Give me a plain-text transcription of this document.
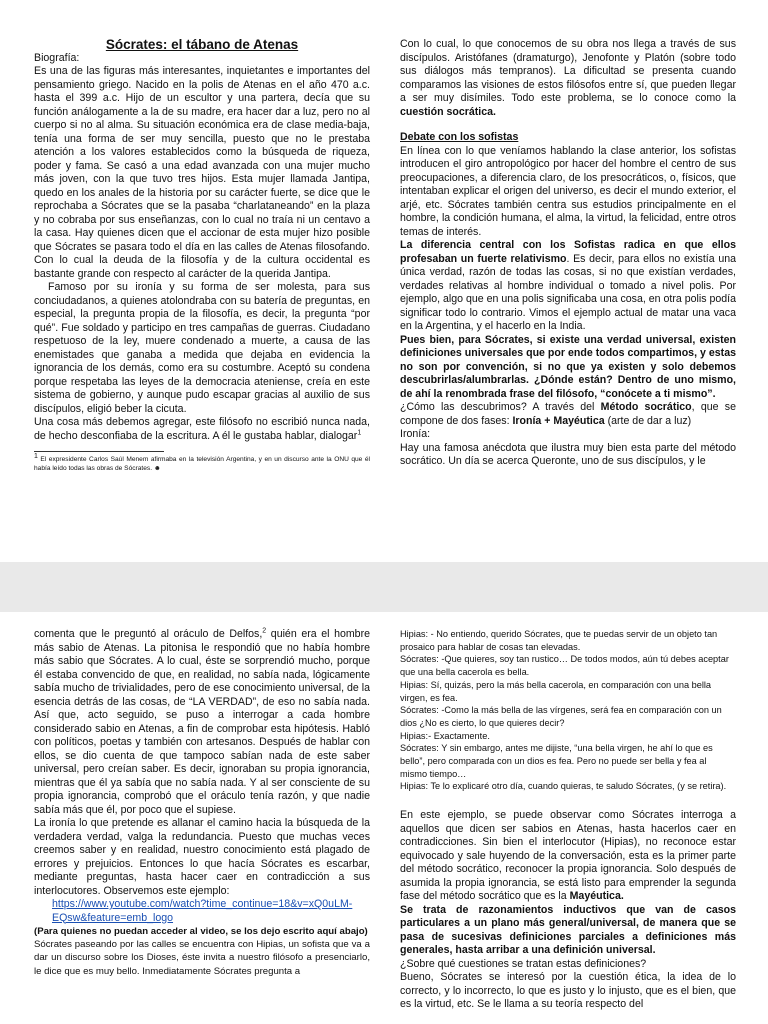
Sócrates: el tábano de Atenas

Biografía:

Es una de las figuras más interesantes, inquietantes e importantes del pensamiento griego. Nacido en la polis de Atenas en el año 470 a.c. hasta el 399 a.c. Hijo de un escultor y una partera, decía que su función análogamente a la de su madre, era hacer dar a luz, pero no al cuerpo si no al alma. Su situación económica era de clase media-baja, tenía una forma de ser muy sencilla, puesto que no le prestaba atención a los valores establecidos como la búsqueda de riqueza, poder y fama. Se casó a una edad avanzada con una mujer mucho más joven, con la que tuvo tres hijos. Esta mujer llamada Jantipa, quedo en los anales de la historia por su carácter fuerte, se dice que le reprochaba a Sócrates que se la pasaba “charlataneando” en la plaza y no cobraba por sus enseñanzas, con lo cual no traía ni un centavo a la casa. Hay quienes dicen que el accionar de esta mujer hizo posible que Sócrates se pasara todo el día en las calles de Atenas filosofando. Con lo cual la deuda de la filosofía y de la cultura occidental es bastante grande con respecto al carácter de la querida Jantipa.

Famoso por su ironía y su forma de ser molesta, para sus conciudadanos, a quienes atolondraba con su batería de preguntas, en especial, la pregunta propia de la filosofía, es decir, la pregunta “por qué”. Fue soldado y participo en tres campañas de guerras. Ciudadano respetuoso de la ley, muere condenado a muerte, a causa de las enemistades que ganaba a medida que dejaba en evidencia la ignorancia de los demás, como era su costumbre. Aceptó su condena porque respetaba las leyes de la democracia ateniense, creía en este sistema de gobierno, y aunque pudo escapar gracias al auxilio de sus discípulos, eligió beber la cicuta.

Una cosa más debemos agregar, este filósofo no escribió nunca nada, de hecho desconfiaba de la escritura. A él le gustaba hablar, dialogar$^1$

$^1$ El expresidente Carlos Saúl Menem afirmaba en la televisión Argentina, y en un discurso ante la ONU que él había leído todas las obras de Sócrates. ☻

Con lo cual, lo que conocemos de su obra nos llega a través de sus discípulos. Aristófanes (dramaturgo), Jenofonte y Platón (sobre todo sus diálogos más tempranos). La dificultad se presenta cuando comparamos las visiones de estos filósofos entre sí, que pueden llegar a ser muy disímiles. Todo este problema, se lo conoce como la cuestión socrática.

Debate con los sofistas

En línea con lo que veníamos hablando la clase anterior, los sofistas introducen el giro antropológico por hacer del hombre el centro de sus preocupaciones, a diferencia claro, de los presocráticos, o, físicos, que intentaban explicar el origen del universo, es decir el mundo exterior, el arjé, etc. Sócrates también centra sus estudios principalmente en el hombre, la condición humana, el alma, la virtud, la felicidad, entre otros temas de interés.

La diferencia central con los Sofistas radica en que ellos profesaban un fuerte relativismo. Es decir, para ellos no existía una única verdad, razón de todas las cosas, si no que existían verdades, verdades relativas al hombre individual o tomado a nivel polis. Por ejemplo, algo que en una polis significaba una cosa, en otra polis podía significar todo lo contrario. Vimos el ejemplo actual de matar una vaca en la Argentina, y el hacerlo en la India.

Pues bien, para Sócrates, si existe una verdad universal, existen definiciones universales que por ende todos compartimos, y estas no son por convención, si no que ya existen y solo debemos descubrirlas/alumbrarlas. ¿Dónde están? Dentro de uno mismo, de ahí la renombrada frase del filósofo, “conócete a ti mismo”.

¿Cómo las descubrimos? A través del Método socrático, que se compone de dos fases: Ironía + Mayéutica (arte de dar a luz)

Ironía:

Hay una famosa anécdota que ilustra muy bien esta parte del método socrático. Un día se acerca Queronte, uno de sus discípulos, y le

comenta que le preguntó al oráculo de Delfos,$^2$ quién era el hombre más sabio de Atenas. La pitonisa le respondió que no había hombre más sabio que Sócrates. A lo cual, éste se sorprendió mucho, porque él estaba convencido de que, en realidad, no sabía nada, lógicamente sabía mucho de trivialidades, pero de ese conocimiento universal, de la esencia detrás de las cosas, de “LA VERDAD”, de eso no sabía nada. Así que, acto seguido, se puso a interrogar a cada hombre considerado sabio en Atenas, a fin de comprobar esta hipótesis. Habló con políticos, poetas y también con artesanos. Después de hablar con ellos, se dio cuenta de que tampoco sabían nada de este saber universal, pero creían saber. Es decir, ignoraban su propia ignorancia, mientras que él ya sabía que no sabía nada. Y al ser consciente de su propia ignorancia, comprobó que el oráculo tenía razón, y que nadie sabía más que él, por poco que el supiese.

La ironía lo que pretende es allanar el camino hacia la búsqueda de la verdadera verdad, valga la redundancia. Puesto que muchas veces creemos saber y en realidad, nuestro conocimiento está plagado de errores y prejuicios. Entonces lo que hacía Sócrates es escarbar, mediante preguntas, hasta hacer caer en contradicción a sus interlocutores. Observemos este ejemplo:

https://www.youtube.com/watch?time_continue=18&v=xQ0uLM-EQsw&feature=emb_logo

(Para quienes no puedan acceder al video, se los dejo escrito aquí abajo)

Sócrates paseando por las calles se encuentra con Hipias, un sofista que va a dar un discurso sobre los Dioses, éste invita a nuestro filósofo a presenciarlo, le dice que es muy bello. Inmediatamente Sócrates pregunta a

Hipias: - No entiendo, querido Sócrates, que te puedas servir de un objeto tan prosaico para hablar de cosas tan elevadas.

Sócrates: -Que quieres, soy tan rustico… De todos modos, aún tú debes aceptar que una bella cacerola es bella.

Hipias: Sí, quizás, pero la más bella cacerola, en comparación con una bella virgen, es fea.

Sócrates: -Como la más bella de las vírgenes, será fea en comparación con un dios ¿No es cierto, lo que quieres decir?

Hipias:- Exactamente.

Sócrates: Y sin embargo, antes me dijiste, “una bella virgen, he ahí lo que es bello”, pero comparada con un dios es fea. Pero no puede ser bella y fea al mismo tiempo…

Hipias: Te lo explicaré otro día, cuando quieras, te saludo Sócrates, (y se retira).

En este ejemplo, se puede observar como Sócrates interroga a aquellos que dicen ser sabios en Atenas, hasta hacerlos caer en contradicciones. Sin bien el interlocutor (Hipias), no reconoce estar equivocado y sale huyendo de la conversación, esta es la primer parte del método socrático, reconocer la propia ignorancia. Solo después de asumida la propia ignorancia, se está listo para emprender la segunda fase del método socrático que es la Mayéutica.

Se trata de razonamientos inductivos que van de casos particulares a un plano más general/universal, de manera que se pasa de sucesivas definiciones parciales a definiciones más generales, hasta arribar a una definición universal.

¿Sobre qué cuestiones se tratan estas definiciones?

Bueno, Sócrates se interesó por la cuestión ética, la idea de lo correcto, y lo incorrecto, lo que es justo y lo injusto, que es el bien, que es la virtud, etc. Se le llama a su teoría respecto del
